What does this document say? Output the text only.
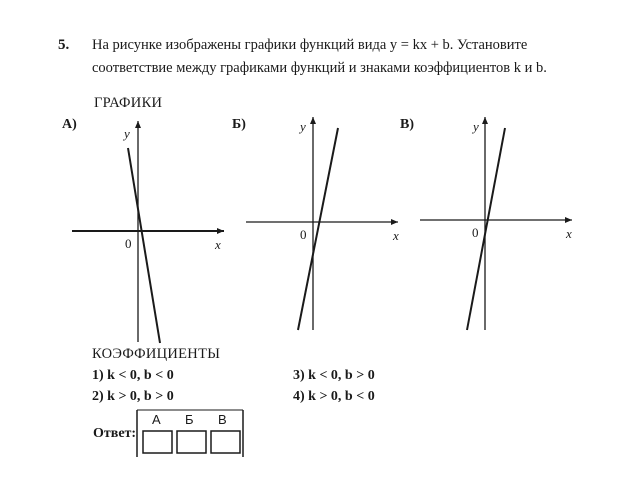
5. На рисунке изображены графики функций вида y = kx + b. Установите
соответствие между графиками функций и знаками коэффициентов k и b.
ГРАФИКИ
А)	Б)	В)
y
x
0
y
x
0
y
x
0
А Б В
КОЭФФИЦИЕНТЫ
1) k < 0, b < 0
2) k > 0, b > 0
3) k < 0, b > 0
4) k > 0, b < 0
Ответ:
